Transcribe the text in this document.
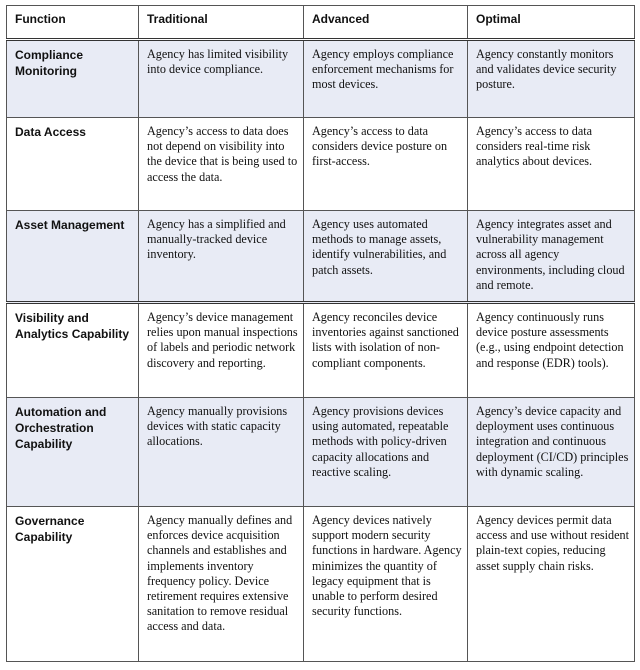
Function	Traditional	Advanced	Optimal
Compliance Monitoring	Agency has limited visibility into device compliance.	Agency employs compliance enforcement mechanisms for most devices.	Agency constantly monitors and validates device security posture.
Data Access	Agency’s access to data does not depend on visibility into the device that is being used to access the data.	Agency’s access to data considers device posture on first-access.	Agency’s access to data considers real-time risk analytics about devices.
Asset Management	Agency has a simplified and manually-tracked device inventory.	Agency uses automated methods to manage assets, identify vulnerabilities, and patch assets.	Agency integrates asset and vulnerability management across all agency environments, including cloud and remote.
Visibility and Analytics Capability	Agency’s device management relies upon manual inspections of labels and periodic network discovery and reporting.	Agency reconciles device inventories against sanctioned lists with isolation of non-compliant components.	Agency continuously runs device posture assessments (e.g., using endpoint detection and response (EDR) tools).
Automation and Orchestration Capability	Agency manually provisions devices with static capacity allocations.	Agency provisions devices using automated, repeatable methods with policy-driven capacity allocations and reactive scaling.	Agency’s device capacity and deployment uses continuous integration and continuous deployment (CI/CD) principles with dynamic scaling.
Governance Capability	Agency manually defines and enforces device acquisition channels and establishes and implements inventory frequency policy. Device retirement requires extensive sanitation to remove residual access and data.	Agency devices natively support modern security functions in hardware. Agency minimizes the quantity of legacy equipment that is unable to perform desired security functions.	Agency devices permit data access and use without resident plain-text copies, reducing asset supply chain risks.
